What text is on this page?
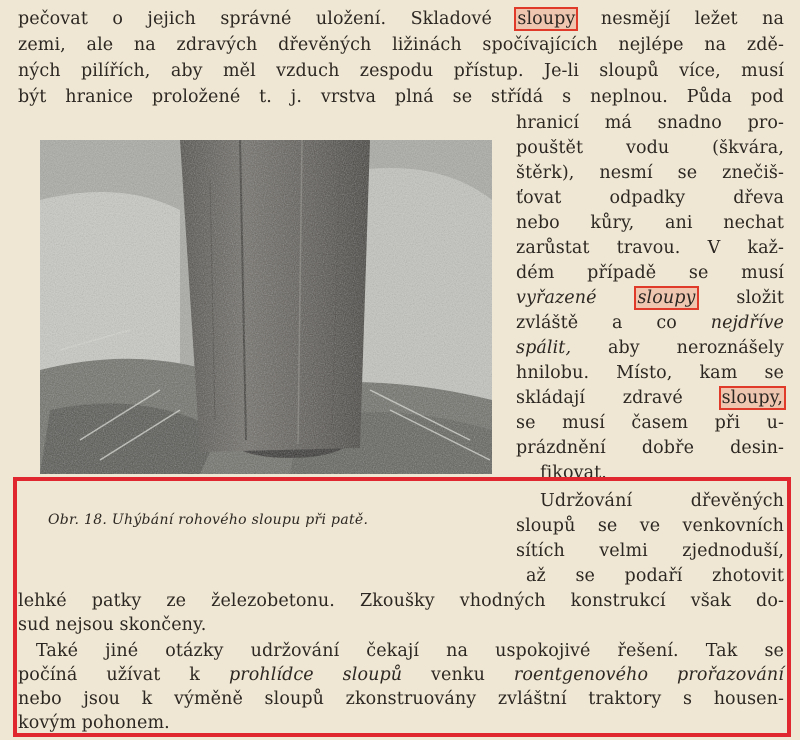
pečovat o jejich správné uložení. Skladové sloupy nesmějí ležet na
zemi, ale na zdravých dřevěných ližinách spočívajících nejlépe na zdě-
ných pilířích, aby měl vzduch zespodu přístup. Je-li sloupů více, musí
být hranice proložené t. j. vrstva plná se střídá s neplnou. Půda pod
hranicí má snadno pro-
pouštět vodu (škvára,
štěrk), nesmí se znečiš-
ťovat odpadky dřeva
nebo kůry, ani nechat
zarůstat travou. V kaž-
dém případě se musí
vyřazené sloupy složit
zvláště a co nejdříve
spálit, aby neroznášely
hnilobu. Místo, kam se
skládají zdravé sloupy,
se musí časem při u-
prázdnění dobře desin-
fikovat.
Udržování dřevěných
sloupů se ve venkovních
sítích velmi zjednoduší,
až se podaří zhotovit
Obr. 18. Uhýbání rohového sloupu při patě.
lehké patky ze železobetonu. Zkoušky vhodných konstrukcí však do-
sud nejsou skončeny.
Také jiné otázky udržování čekají na uspokojivé řešení. Tak se
počíná užívat k prohlídce sloupů venku roentgenového prořazování
nebo jsou k výměně sloupů zkonstruovány zvláštní traktory s housen-
kovým pohonem.
